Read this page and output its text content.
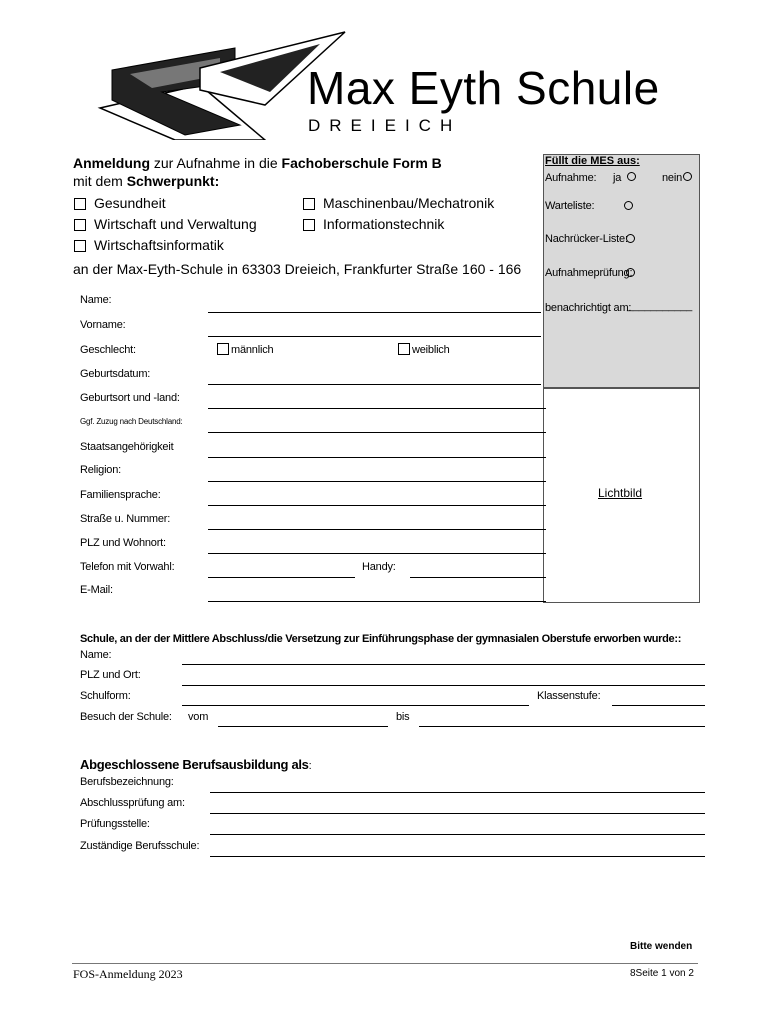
Max Eyth Schule
DREIEICH
Anmeldung zur Aufnahme in die Fachoberschule Form B
mit dem Schwerpunkt:
Gesundheit	Maschinenbau/Mechatronik
Wirtschaft und Verwaltung	Informationstechnik
Wirtschaftsinformatik
an der Max-Eyth-Schule in 63303 Dreieich, Frankfurter Straße 160 - 166
Füllt die MES aus:
Aufnahme: ja	nein
Warteliste:
Nachrücker-Liste:
Aufnahmeprüfung:
benachrichtigt am:
___________
Lichtbild
Name:
Vorname:
Geschlecht:	männlich	weiblich
Geburtsdatum:
Geburtsort und -land:
Ggf. Zuzug nach Deutschland:
Staatsangehörigkeit
Religion:
Familiensprache:
Straße u. Nummer:
PLZ und Wohnort:
Telefon mit Vorwahl:	Handy:
E-Mail:
Schule, an der der Mittlere Abschluss/die Versetzung zur Einführungsphase der gymnasialen Oberstufe erworben wurde::
Name:
PLZ und Ort:
Schulform:	Klassenstufe:
Besuch der Schule: vom	bis
Abgeschlossene Berufsausbildung als:
Berufsbezeichnung:
Abschlussprüfung am:
Prüfungsstelle:
Zuständige Berufsschule:
Bitte wenden
FOS-Anmeldung 2023	8Seite 1 von 2
